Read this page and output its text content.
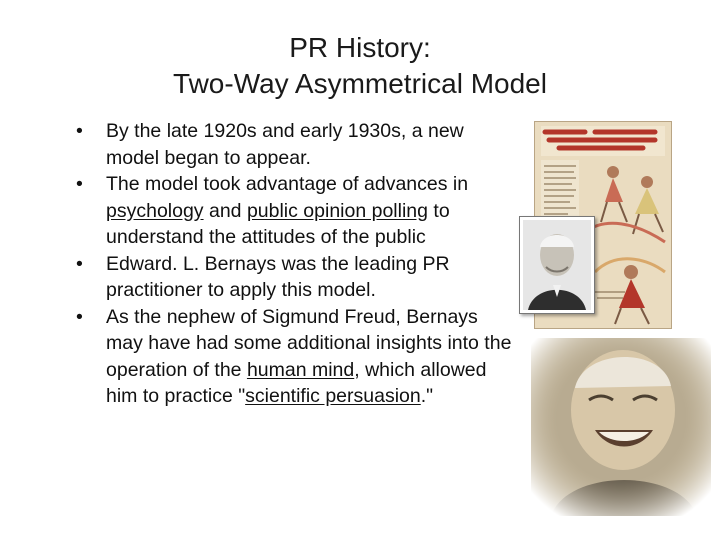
PR History:
Two-Way Asymmetrical Model
• By the late 1920s and early 1930s, a new model began to appear.
• The model took advantage of advances in psychology and public opinion polling to understand the attitudes of the public
• Edward. L. Bernays was the leading PR practitioner to apply this model.
• As the nephew of Sigmund Freud, Bernays may have had some additional insights into the operation of the human mind, which allowed him to practice "scientific persuasion."
